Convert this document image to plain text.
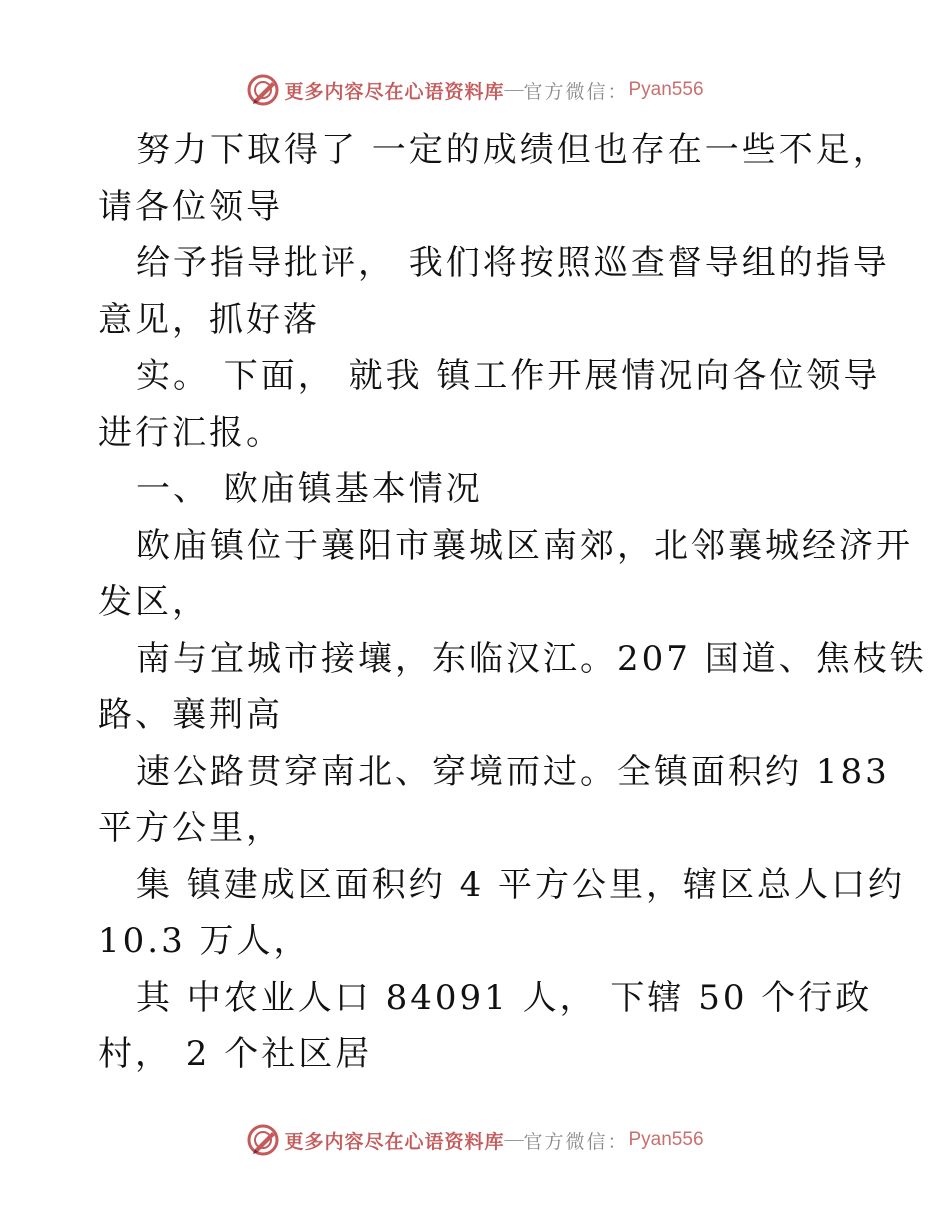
更多内容尽在心语资料库 — 官方微信： Pyan556
努力下取得了 一定的成绩但也存在一些不足，
请各位领导
给予指导批评， 我们将按照巡查督导组的指导
意见，抓好落
实。 下面， 就我 镇工作开展情况向各位领导
进行汇报。
一、 欧庙镇基本情况
欧庙镇位于襄阳市襄城区南郊，北邻襄城经济开
发区，
南与宜城市接壤，东临汉江。207 国道、焦枝铁
路、襄荆高
速公路贯穿南北、穿境而过。全镇面积约 183
平方公里，
集 镇建成区面积约 4 平方公里，辖区总人口约
10.3 万人，
其 中农业人口 84091 人， 下辖 50 个行政
村， 2 个社区居
更多内容尽在心语资料库 — 官方微信： Pyan556
